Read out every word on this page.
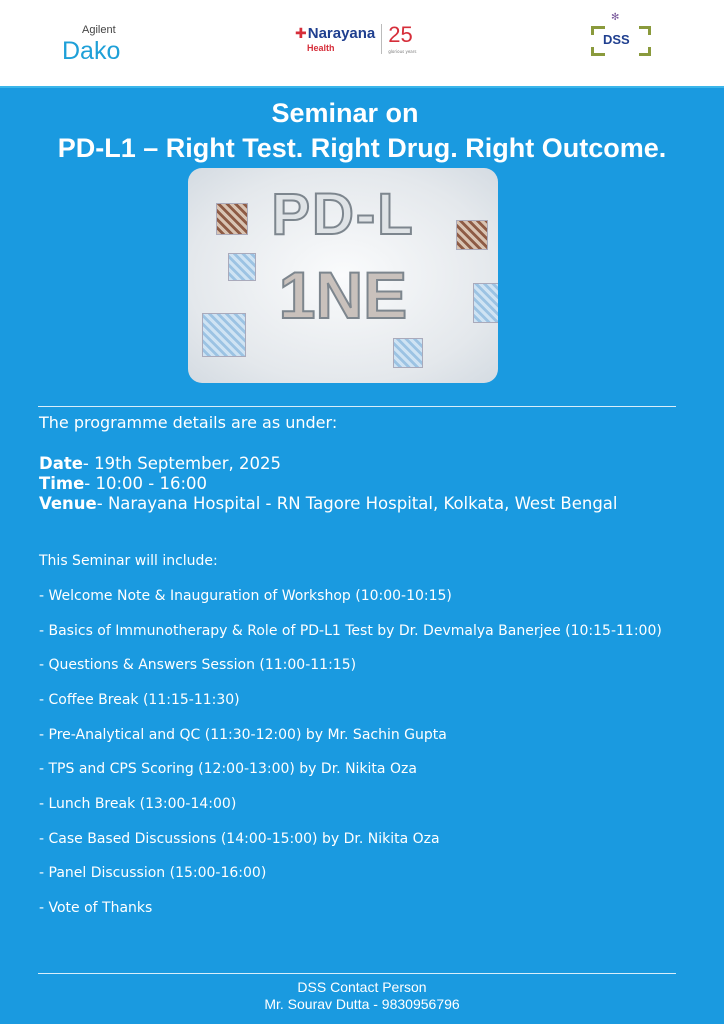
Agilent
Dako
✚Narayana
Health
25
glorious years
✻
DSS
Seminar on
PD-L1 – Right Test. Right Drug. Right Outcome.
PD-L
1NE
The programme details are as under:
Date- 19th September, 2025
Time- 10:00 - 16:00
Venue- Narayana Hospital - RN Tagore Hospital, Kolkata, West Bengal
This Seminar will include:
- Welcome Note & Inauguration of Workshop (10:00-10:15)
- Basics of Immunotherapy & Role of PD-L1 Test by Dr. Devmalya Banerjee (10:15-11:00)
- Questions & Answers Session (11:00-11:15)
- Coffee Break (11:15-11:30)
- Pre-Analytical and QC (11:30-12:00) by Mr. Sachin Gupta
- TPS and CPS Scoring (12:00-13:00) by Dr. Nikita Oza
- Lunch Break (13:00-14:00)
- Case Based Discussions (14:00-15:00) by Dr. Nikita Oza
- Panel Discussion (15:00-16:00)
- Vote of Thanks
DSS Contact Person
Mr. Sourav Dutta - 9830956796
